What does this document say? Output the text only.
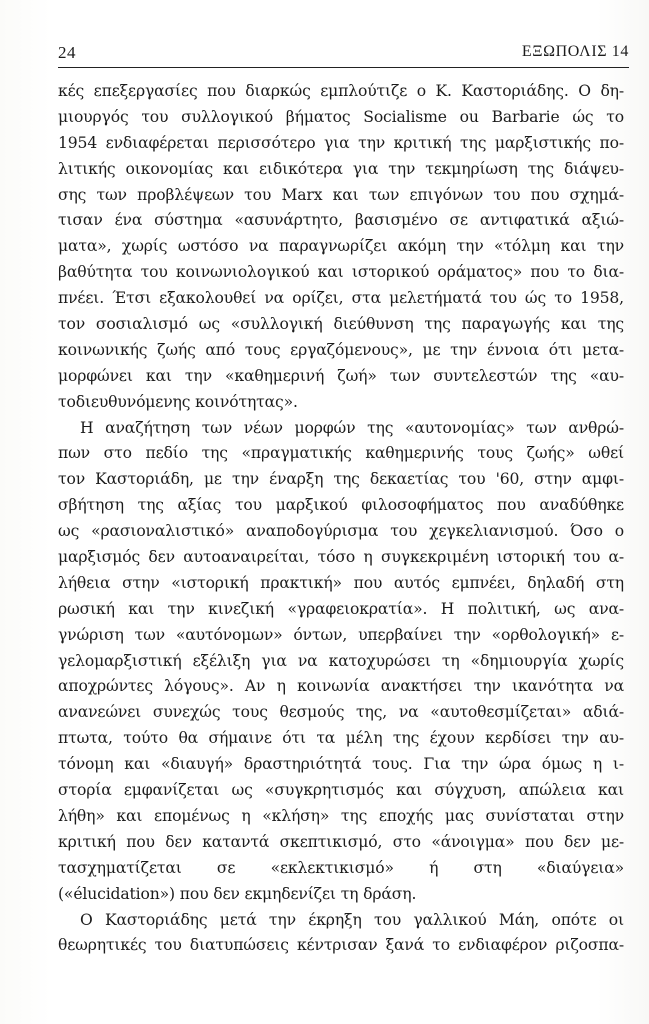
24	ΕΞΩΠΟΛΙΣ 14
κές επεξεργασίες που διαρκώς εμπλούτιζε ο Κ. Καστοριάδης. Ο δη-
μιουργός του συλλογικού βήματος Socialisme ou Barbarie ώς το
1954 ενδιαφέρεται περισσότερο για την κριτική της μαρξιστικής πο-
λιτικής οικονομίας και ειδικότερα για την τεκμηρίωση της διάψευ-
σης των προβλέψεων του Marx και των επιγόνων του που σχημά-
τισαν ένα σύστημα «ασυνάρτητο, βασισμένο σε αντιφατικά αξιώ-
ματα», χωρίς ωστόσο να παραγνωρίζει ακόμη την «τόλμη και την
βαθύτητα του κοινωνιολογικού και ιστορικού οράματος» που το δια-
πνέει. Έτσι εξακολουθεί να ορίζει, στα μελετήματά του ώς το 1958,
τον σοσιαλισμό ως «συλλογική διεύθυνση της παραγωγής και της
κοινωνικής ζωής από τους εργαζόμενους», με την έννοια ότι μετα-
μορφώνει και την «καθημερινή ζωή» των συντελεστών της «αυ-
τοδιευθυνόμενης κοινότητας».
Η αναζήτηση των νέων μορφών της «αυτονομίας» των ανθρώ-
πων στο πεδίο της «πραγματικής καθημερινής τους ζωής» ωθεί
τον Καστοριάδη, με την έναρξη της δεκαετίας του '60, στην αμφι-
σβήτηση της αξίας του μαρξικού φιλοσοφήματος που αναδύθηκε
ως «ρασιοναλιστικό» αναποδογύρισμα του χεγκελιανισμού. Όσο ο
μαρξισμός δεν αυτοαναιρείται, τόσο η συγκεκριμένη ιστορική του α-
λήθεια στην «ιστορική πρακτική» που αυτός εμπνέει, δηλαδή στη
ρωσική και την κινεζική «γραφειοκρατία». Η πολιτική, ως ανα-
γνώριση των «αυτόνομων» όντων, υπερβαίνει την «ορθολογική» ε-
γελομαρξιστική εξέλιξη για να κατοχυρώσει τη «δημιουργία χωρίς
αποχρώντες λόγους». Αν η κοινωνία ανακτήσει την ικανότητα να
ανανεώνει συνεχώς τους θεσμούς της, να «αυτοθεσμίζεται» αδιά-
πτωτα, τούτο θα σήμαινε ότι τα μέλη της έχουν κερδίσει την αυ-
τόνομη και «διαυγή» δραστηριότητά τους. Για την ώρα όμως η ι-
στορία εμφανίζεται ως «συγκρητισμός και σύγχυση, απώλεια και
λήθη» και επομένως η «κλήση» της εποχής μας συνίσταται στην
κριτική που δεν καταντά σκεπτικισμό, στο «άνοιγμα» που δεν με-
τασχηματίζεται σε «εκλεκτικισμό» ή στη «διαύγεια»
(«élucidation») που δεν εκμηδενίζει τη δράση.
Ο Καστοριάδης μετά την έκρηξη του γαλλικού Μάη, οπότε οι
θεωρητικές του διατυπώσεις κέντρισαν ξανά το ενδιαφέρον ριζοσπα-
